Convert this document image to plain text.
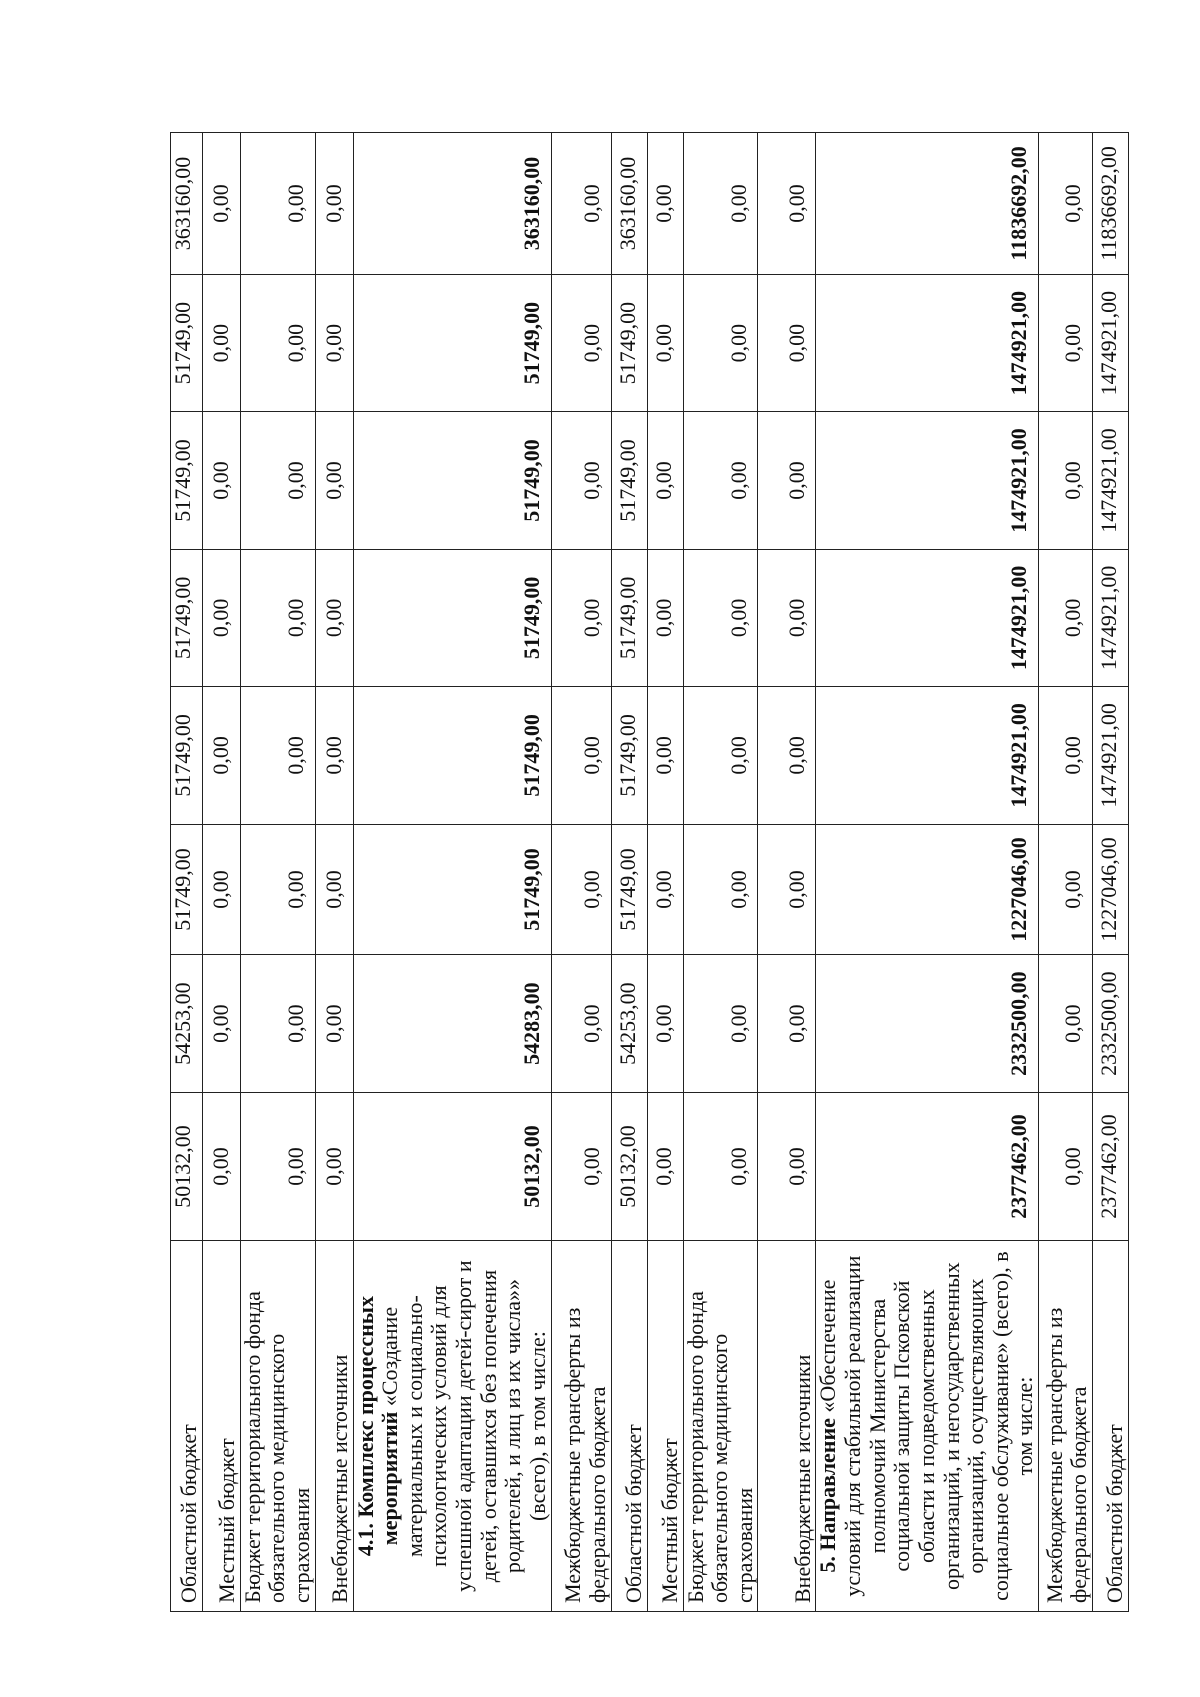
Областной бюджет	50132,00	54253,00	51749,00	51749,00	51749,00	51749,00	51749,00	363160,00
Местный бюджет	0,00	0,00	0,00	0,00	0,00	0,00	0,00	0,00
Бюджет территориального фонда обязательного медицинского страхования	0,00	0,00	0,00	0,00	0,00	0,00	0,00	0,00
Внебюджетные источники	0,00	0,00	0,00	0,00	0,00	0,00	0,00	0,00
4.1. Комплекс процессных мероприятий «Создание материальных и социально-психологических условий для успешной адаптации детей-сирот и детей, оставшихся без попечения родителей, и лиц из их числа»» (всего), в том числе:	50132,00	54283,00	51749,00	51749,00	51749,00	51749,00	51749,00	363160,00
Межбюджетные трансферты из федерального бюджета	0,00	0,00	0,00	0,00	0,00	0,00	0,00	0,00
Областной бюджет	50132,00	54253,00	51749,00	51749,00	51749,00	51749,00	51749,00	363160,00
Местный бюджет	0,00	0,00	0,00	0,00	0,00	0,00	0,00	0,00
Бюджет территориального фонда обязательного медицинского страхования	0,00	0,00	0,00	0,00	0,00	0,00	0,00	0,00
Внебюджетные источники	0,00	0,00	0,00	0,00	0,00	0,00	0,00	0,00
5. Направление «Обеспечение условий для стабильной реализации полномочий Министерства социальной защиты Псковской области и подведомственных организаций, и негосударственных организаций, осуществляющих социальное обслуживание» (всего), в том числе:	2377462,00	2332500,00	1227046,00	1474921,00	1474921,00	1474921,00	1474921,00	11836692,00
Межбюджетные трансферты из федерального бюджета	0,00	0,00	0,00	0,00	0,00	0,00	0,00	0,00
Областной бюджет	2377462,00	2332500,00	1227046,00	1474921,00	1474921,00	1474921,00	1474921,00	11836692,00
